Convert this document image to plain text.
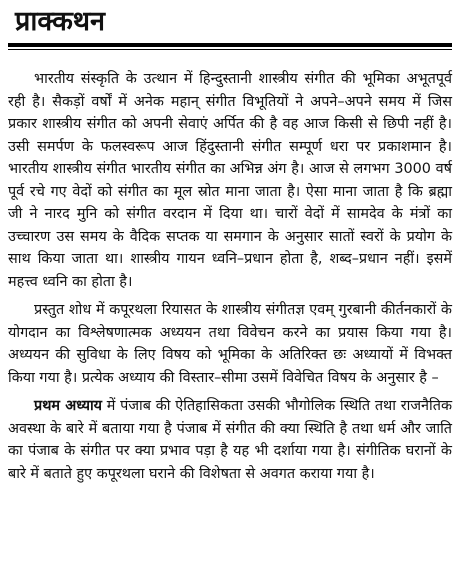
प्राक्कथन

भारतीय संस्कृति के उत्थान में हिन्दुस्तानी शास्त्रीय संगीत की भूमिका अभूतपूर्व रही है। सैकड़ों वर्षों में अनेक महान् संगीत विभूतियों ने अपने–अपने समय में जिस प्रकार शास्त्रीय संगीत को अपनी सेवाएं अर्पित की है वह आज किसी से छिपी नहीं है। उसी समर्पण के फलस्वरूप आज हिंदुस्तानी संगीत सम्पूर्ण धरा पर प्रकाशमान है। भारतीय शास्त्रीय संगीत भारतीय संगीत का अभिन्न अंग है। आज से लगभग 3000 वर्ष पूर्व रचे गए वेदों को संगीत का मूल स्रोत माना जाता है। ऐसा माना जाता है कि ब्रह्मा जी ने नारद मुनि को संगीत वरदान में दिया था। चारों वेदों में सामदेव के मंत्रों का उच्चारण उस समय के वैदिक सप्तक या समगान के अनुसार सातों स्वरों के प्रयोग के साथ किया जाता था। शास्त्रीय गायन ध्वनि–प्रधान होता है, शब्द–प्रधान नहीं। इसमें महत्त्व ध्वनि का होता है।

प्रस्तुत शोध में कपूरथला रियासत के शास्त्रीय संगीतज्ञ एवम् गुरबानी कीर्तनकारों के योगदान का विश्लेषणात्मक अध्ययन तथा विवेचन करने का प्रयास किया गया है। अध्ययन की सुविधा के लिए विषय को भूमिका के अतिरिक्त छः अध्यायों में विभक्त किया गया है। प्रत्येक अध्याय की विस्तार–सीमा उसमें विवेचित विषय के अनुसार है –

प्रथम अध्याय में पंजाब की ऐतिहासिकता उसकी भौगोलिक स्थिति तथा राजनैतिक अवस्था के बारे में बताया गया है पंजाब में संगीत की क्या स्थिति है तथा धर्म और जाति का पंजाब के संगीत पर क्या प्रभाव पड़ा है यह भी दर्शाया गया है। संगीतिक घरानों के बारे में बताते हुए कपूरथला घराने की विशेषता से अवगत कराया गया है।
